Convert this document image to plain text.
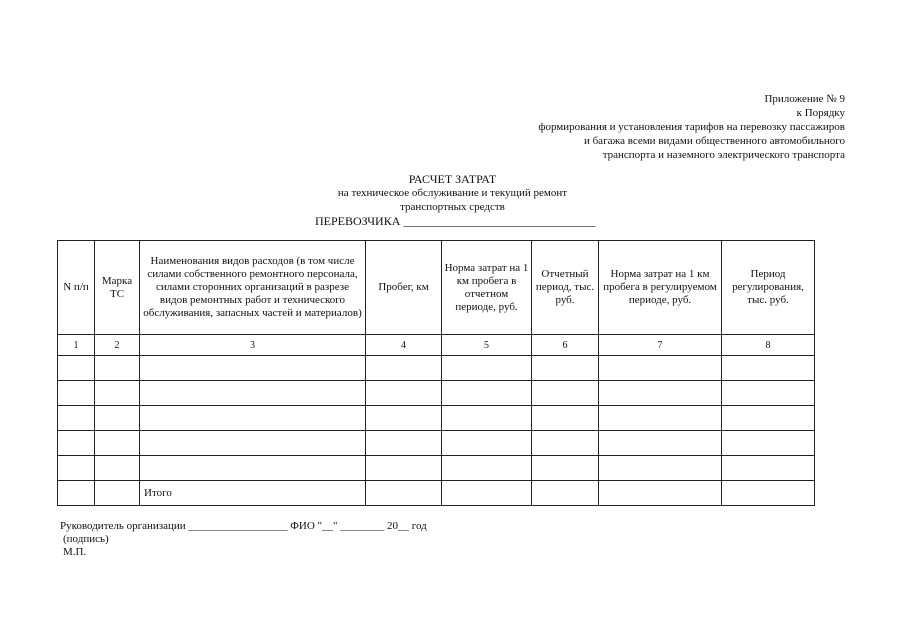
Приложение № 9
к Порядку
формирования и установления тарифов на перевозку пассажиров
и багажа всеми видами общественного автомобильного
транспорта и наземного электрического транспорта
РАСЧЕТ ЗАТРАТ
на техническое обслуживание и текущий ремонт
транспортных средств
ПЕРЕВОЗЧИКА ________________________________
N п/п	Марка ТС	Наименования видов расходов (в том числе силами собственного ремонтного персонала, силами сторонних организаций в разрезе видов ремонтных работ и технического обслуживания, запасных частей и материалов)	Пробег, км	Норма затрат на 1 км пробега в отчетном периоде, руб.	Отчетный период, тыс. руб.	Норма затрат на 1 км пробега в регулируемом периоде, руб.	Период регулирования, тыс. руб.
1	2	3	4	5	6	7	8

		Итого					
Руководитель организации __________________ ФИО "__" ________ 20__ год
(подпись)
М.П.
